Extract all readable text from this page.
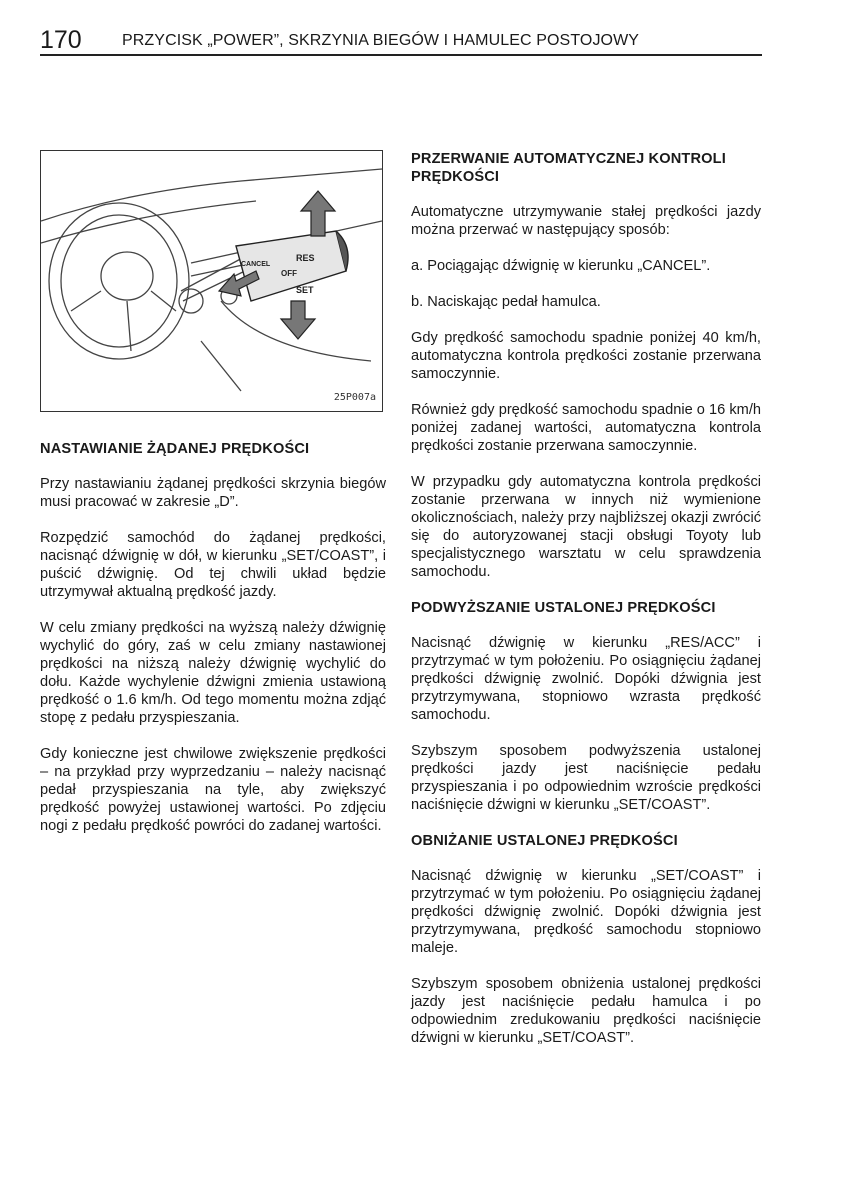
170	PRZYCISK „POWER”, SKRZYNIA BIEGÓW I HAMULEC POSTOJOWY
RES
OFF
SET
CANCEL
25P007a
NASTAWIANIE ŻĄDANEJ PRĘDKOŚCI

Przy nastawianiu żądanej prędkości skrzynia biegów musi pracować w zakresie „D”.

Rozpędzić samochód do żądanej prędkości, nacisnąć dźwignię w dół, w kierunku „SET/COAST”, i puścić dźwignię. Od tej chwili układ będzie utrzymywał aktualną prędkość jazdy.

W celu zmiany prędkości na wyższą należy dźwignię wychylić do góry, zaś w celu zmiany nastawionej prędkości na niższą należy dźwignię wychylić do dołu. Każde wychylenie dźwigni zmienia ustawioną prędkość o 1.6 km/h. Od tego momentu można zdjąć stopę z pedału przyspieszania.

Gdy konieczne jest chwilowe zwiększenie prędkości – na przykład przy wyprzedzaniu – należy nacisnąć pedał przyspieszania na tyle, aby zwiększyć prędkość powyżej ustawionej wartości. Po zdjęciu nogi z pedału prędkość powróci do zadanej wartości.

PRZERWANIE AUTOMATYCZNEJ KONTROLI PRĘDKOŚCI

Automatyczne utrzymywanie stałej prędkości jazdy można przerwać w następujący sposób:

a. Pociągając dźwignię w kierunku „CANCEL”.

b. Naciskając pedał hamulca.

Gdy prędkość samochodu spadnie poniżej 40 km/h, automatyczna kontrola prędkości zostanie przerwana samoczynnie.

Również gdy prędkość samochodu spadnie o 16 km/h poniżej zadanej wartości, automatyczna kontrola prędkości zostanie przerwana samoczynnie.

W przypadku gdy automatyczna kontrola prędkości zostanie przerwana w innych niż wymienione okolicznościach, należy przy najbliższej okazji zwrócić się do autoryzowanej stacji obsługi Toyoty lub specjalistycznego warsztatu w celu sprawdzenia samochodu.

PODWYŻSZANIE USTALONEJ PRĘDKOŚCI

Nacisnąć dźwignię w kierunku „RES/ACC” i przytrzymać w tym położeniu. Po osiągnięciu żądanej prędkości dźwignię zwolnić. Dopóki dźwignia jest przytrzymywana, stopniowo wzrasta prędkość samochodu.

Szybszym sposobem podwyższenia ustalonej prędkości jazdy jest naciśnięcie pedału przyspieszania i po odpowiednim wzroście prędkości naciśnięcie dźwigni w kierunku „SET/COAST”.

OBNIŻANIE USTALONEJ PRĘDKOŚCI

Nacisnąć dźwignię w kierunku „SET/COAST” i przytrzymać w tym położeniu. Po osiągnięciu żądanej prędkości dźwignię zwolnić. Dopóki dźwignia jest przytrzymywana, prędkość samochodu stopniowo maleje.

Szybszym sposobem obniżenia ustalonej prędkości jazdy jest naciśnięcie pedału hamulca i po odpowiednim zredukowaniu prędkości naciśnięcie dźwigni w kierunku „SET/COAST”.
